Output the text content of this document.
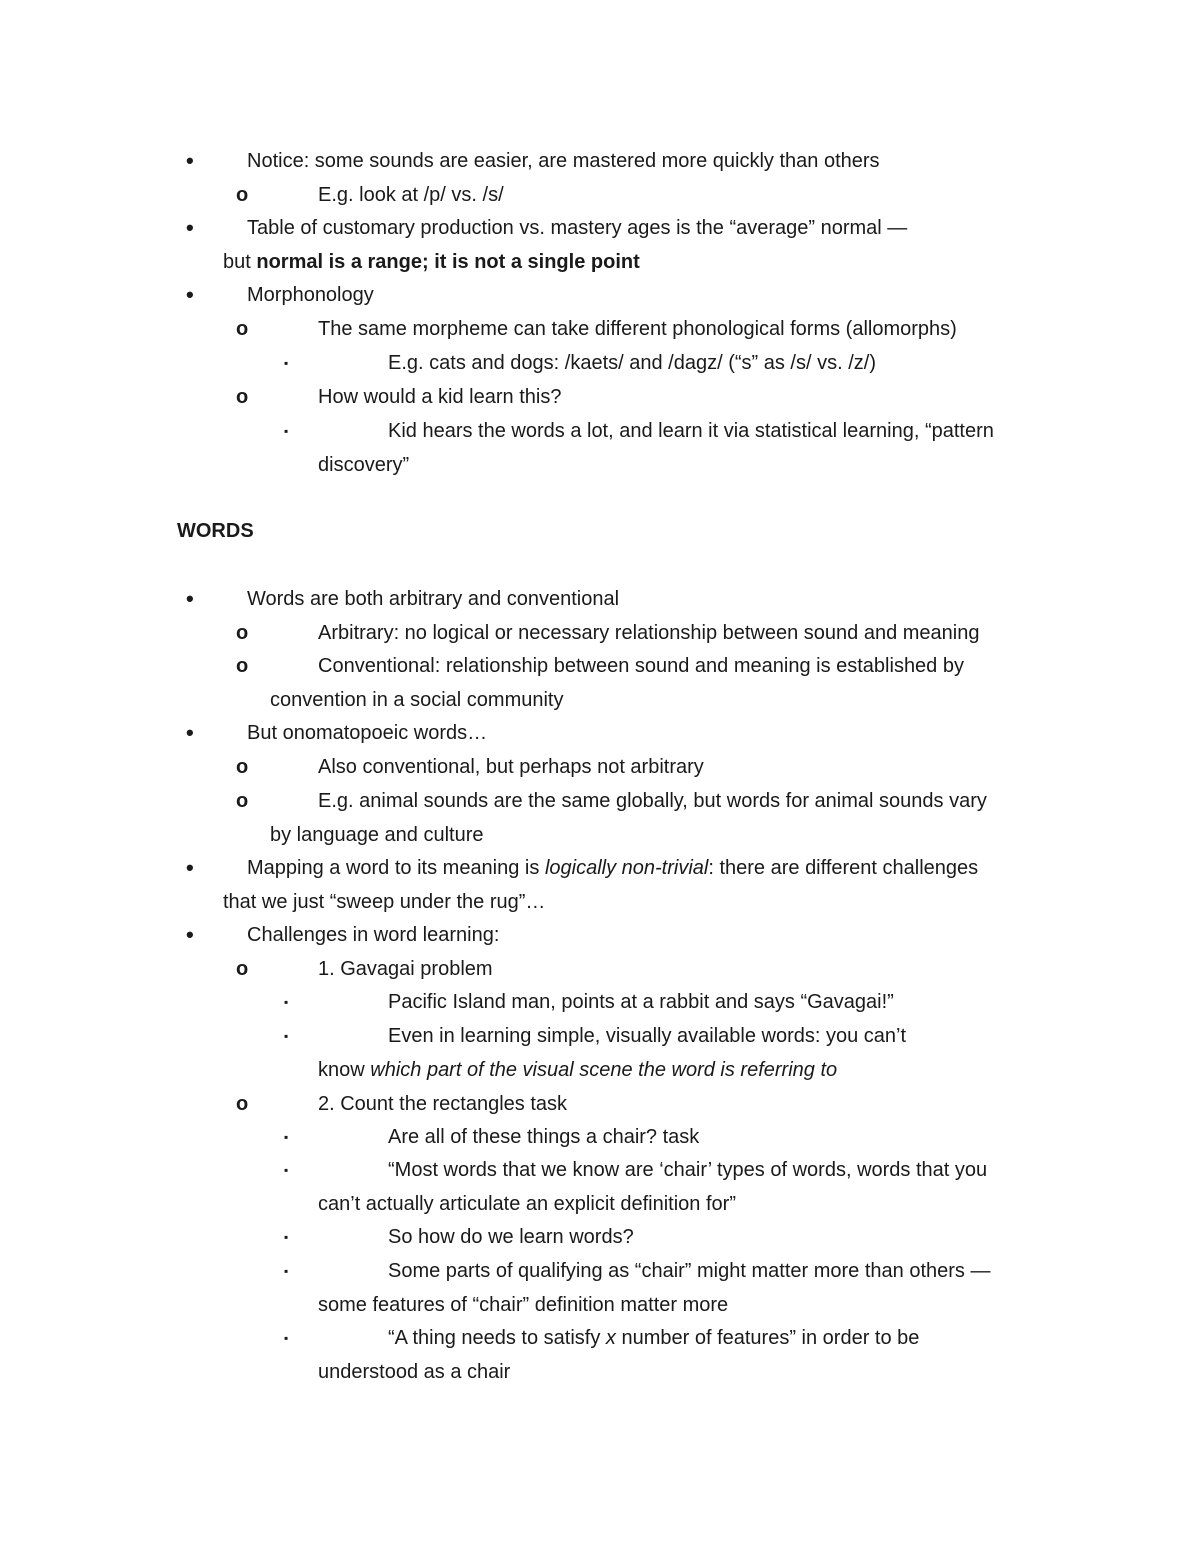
•	Notice: some sounds are easier, are mastered more quickly than others
o	E.g. look at /p/ vs. /s/
•	Table of customary production vs. mastery ages is the “average” normal —
but normal is a range; it is not a single point
•	Morphonology
o	The same morpheme can take different phonological forms (allomorphs)
▪	E.g. cats and dogs: /kaets/ and /dagz/ (“s” as /s/ vs. /z/)
o	How would a kid learn this?
▪	Kid hears the words a lot, and learn it via statistical learning, “pattern
discovery”
WORDS
•	Words are both arbitrary and conventional
o	Arbitrary: no logical or necessary relationship between sound and meaning
o	Conventional: relationship between sound and meaning is established by
convention in a social community
•	But onomatopoeic words…
o	Also conventional, but perhaps not arbitrary
o	E.g. animal sounds are the same globally, but words for animal sounds vary
by language and culture
•	Mapping a word to its meaning is logically non-trivial: there are different challenges
that we just “sweep under the rug”…
•	Challenges in word learning:
o	1. Gavagai problem
▪	Pacific Island man, points at a rabbit and says “Gavagai!”
▪	Even in learning simple, visually available words: you can’t
know which part of the visual scene the word is referring to
o	2. Count the rectangles task
▪	Are all of these things a chair? task
▪	“Most words that we know are ‘chair’ types of words, words that you
can’t actually articulate an explicit definition for”
▪	So how do we learn words?
▪	Some parts of qualifying as “chair” might matter more than others —
some features of “chair” definition matter more
▪	“A thing needs to satisfy x number of features” in order to be
understood as a chair
